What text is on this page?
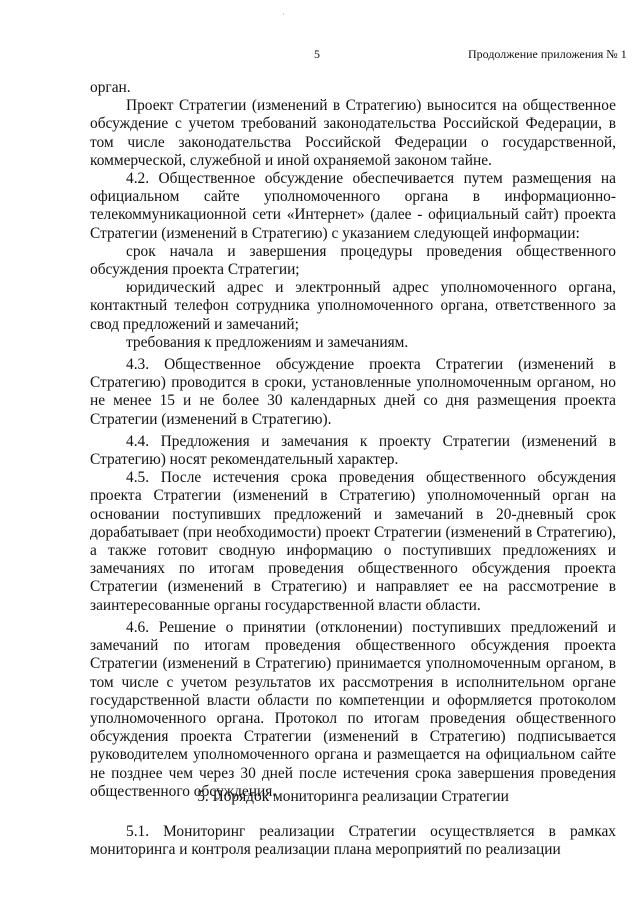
·
5	Продолжение приложения № 1

орган.

Проект Стратегии (изменений в Стратегию) выносится на общественное обсуждение с учетом требований законодательства Российской Федерации, в том числе законодательства Российской Федерации о государственной, коммерческой, служебной и иной охраняемой законом тайне.

4.2. Общественное обсуждение обеспечивается путем размещения на официальном сайте уполномоченного органа в информационно-телекоммуникационной сети «Интернет» (далее - официальный сайт) проекта Стратегии (изменений в Стратегию) с указанием следующей информации:

срок начала и завершения процедуры проведения общественного обсуждения проекта Стратегии;

юридический адрес и электронный адрес уполномоченного органа, контактный телефон сотрудника уполномоченного органа, ответственного за свод предложений и замечаний;

требования к предложениям и замечаниям.

4.3. Общественное обсуждение проекта Стратегии (изменений в Стратегию) проводится в сроки, установленные уполномоченным органом, но не менее 15 и не более 30 календарных дней со дня размещения проекта Стратегии (изменений в Стратегию).

4.4. Предложения и замечания к проекту Стратегии (изменений в Стратегию) носят рекомендательный характер.

4.5. После истечения срока проведения общественного обсуждения проекта Стратегии (изменений в Стратегию) уполномоченный орган на основании поступивших предложений и замечаний в 20-дневный срок дорабатывает (при необходимости) проект Стратегии (изменений в Стратегию), а также готовит сводную информацию о поступивших предложениях и замечаниях по итогам проведения общественного обсуждения проекта Стратегии (изменений в Стратегию) и направляет ее на рассмотрение в заинтересованные органы государственной власти области.

4.6. Решение о принятии (отклонении) поступивших предложений и замечаний по итогам проведения общественного обсуждения проекта Стратегии (изменений в Стратегию) принимается уполномоченным органом, в том числе с учетом результатов их рассмотрения в исполнительном органе государственной власти области по компетенции и оформляется протоколом уполномоченного органа. Протокол по итогам проведения общественного обсуждения проекта Стратегии (изменений в Стратегию) подписывается руководителем уполномоченного органа и размещается на официальном сайте не позднее чем через 30 дней после истечения срока завершения проведения общественного обсуждения.

5. Порядок мониторинга реализации Стратегии

5.1. Мониторинг реализации Стратегии осуществляется в рамках мониторинга и контроля реализации плана мероприятий по реализации
